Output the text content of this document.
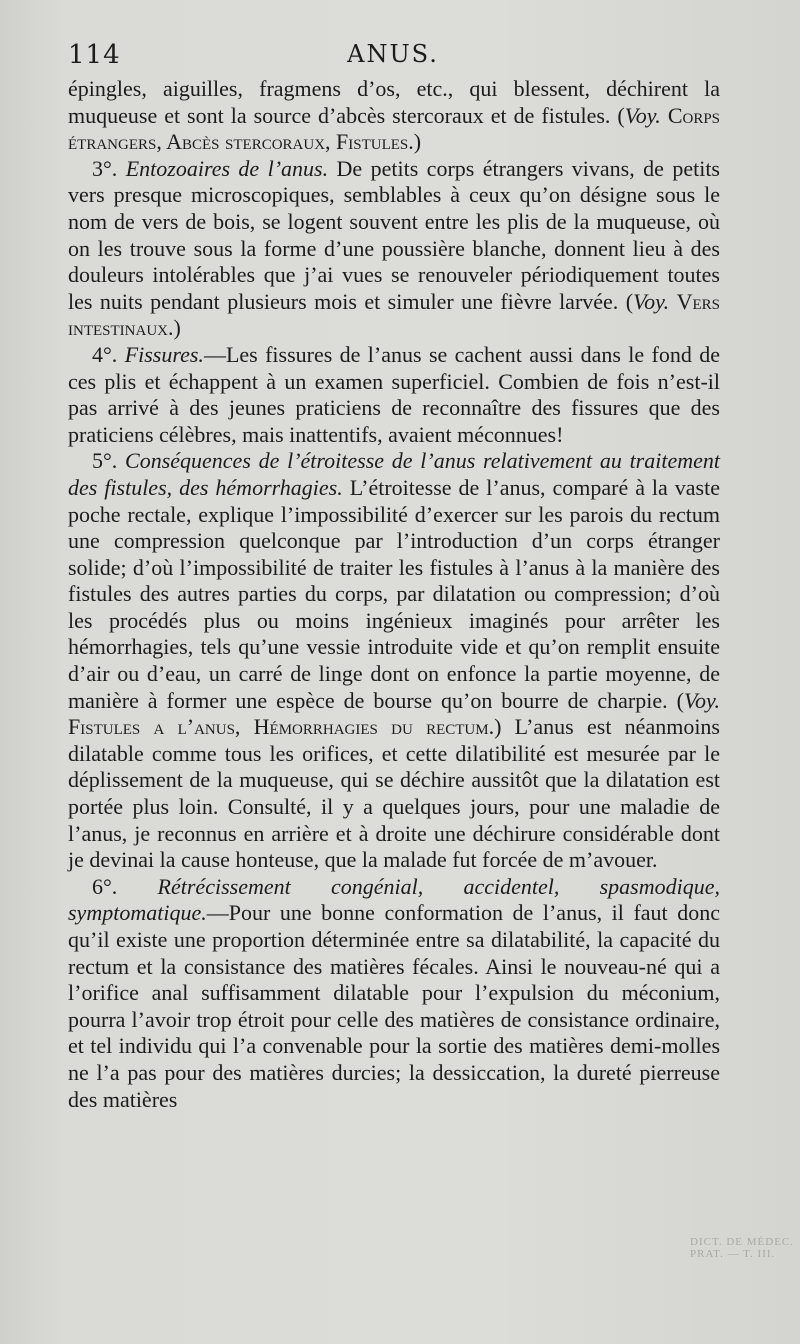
114	ANUS.

épingles, aiguilles, fragmens d’os, etc., qui blessent, déchirent la muqueuse et sont la source d’abcès stercoraux et de fistules. (Voy. Corps étrangers, Abcès stercoraux, Fistules.)

3°. Entozoaires de l’anus. De petits corps étrangers vivans, de petits vers presque microscopiques, semblables à ceux qu’on désigne sous le nom de vers de bois, se logent souvent entre les plis de la muqueuse, où on les trouve sous la forme d’une poussière blanche, donnent lieu à des douleurs intolérables que j’ai vues se renouveler périodiquement toutes les nuits pendant plusieurs mois et simuler une fièvre larvée. (Voy. Vers intestinaux.)

4°. Fissures.—Les fissures de l’anus se cachent aussi dans le fond de ces plis et échappent à un examen superficiel. Combien de fois n’est-il pas arrivé à des jeunes praticiens de reconnaître des fissures que des praticiens célèbres, mais inattentifs, avaient méconnues!

5°. Conséquences de l’étroitesse de l’anus relativement au traitement des fistules, des hémorrhagies. L’étroitesse de l’anus, comparé à la vaste poche rectale, explique l’impossibilité d’exercer sur les parois du rectum une compression quelconque par l’introduction d’un corps étranger solide; d’où l’impossibilité de traiter les fistules à l’anus à la manière des fistules des autres parties du corps, par dilatation ou compression; d’où les procédés plus ou moins ingénieux imaginés pour arrêter les hémorrhagies, tels qu’une vessie introduite vide et qu’on remplit ensuite d’air ou d’eau, un carré de linge dont on enfonce la partie moyenne, de manière à former une espèce de bourse qu’on bourre de charpie. (Voy. Fistules a l’anus, Hémorrhagies du rectum.) L’anus est néanmoins dilatable comme tous les orifices, et cette dilatibilité est mesurée par le déplissement de la muqueuse, qui se déchire aussitôt que la dilatation est portée plus loin. Consulté, il y a quelques jours, pour une maladie de l’anus, je reconnus en arrière et à droite une déchirure considérable dont je devinai la cause honteuse, que la malade fut forcée de m’avouer.

6°. Rétrécissement congénial, accidentel, spasmodique, symptomatique.—Pour une bonne conformation de l’anus, il faut donc qu’il existe une proportion déterminée entre sa dilatabilité, la capacité du rectum et la consistance des matières fécales. Ainsi le nouveau-né qui a l’orifice anal suffisamment dilatable pour l’expulsion du méconium, pourra l’avoir trop étroit pour celle des matières de consistance ordinaire, et tel individu qui l’a convenable pour la sortie des matières demi-molles ne l’a pas pour des matières durcies; la dessiccation, la dureté pierreuse des matières

DICT. DE MÉDEC. PRAT. — T. III.
